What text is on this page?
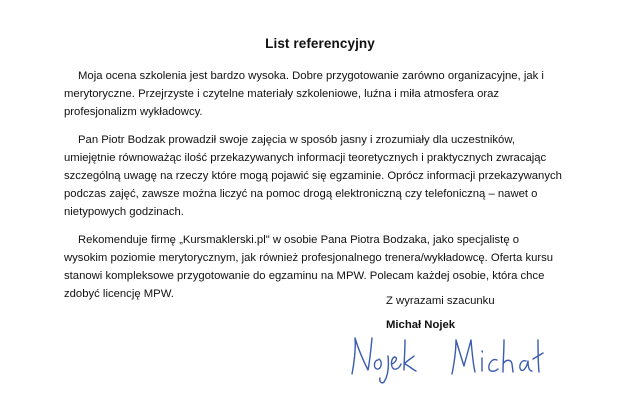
List referencyjny
Moja ocena szkolenia jest bardzo wysoka. Dobre przygotowanie zarówno organizacyjne, jak i
merytoryczne. Przejrzyste i czytelne materiały szkoleniowe, luźna i miła atmosfera oraz
profesjonalizm wykładowcy.
Pan Piotr Bodzak prowadził swoje zajęcia w sposób jasny i zrozumiały dla uczestników,
umiejętnie równoważąc ilość przekazywanych informacji teoretycznych i praktycznych zwracając
szczególną uwagę na rzeczy które mogą pojawić się egzaminie. Oprócz informacji przekazywanych
podczas zajęć, zawsze można liczyć na pomoc drogą elektroniczną czy telefoniczną – nawet o
nietypowych godzinach.
Rekomenduje firmę „Kursmaklerski.pl" w osobie Pana Piotra Bodzaka, jako specjalistę o
wysokim poziomie merytorycznym, jak również profesjonalnego trenera/wykładowcę. Oferta kursu
stanowi kompleksowe przygotowanie do egzaminu na MPW. Polecam każdej osobie, która chce
zdobyć licencję MPW.
Z wyrazami szacunku
Michał Nojek
